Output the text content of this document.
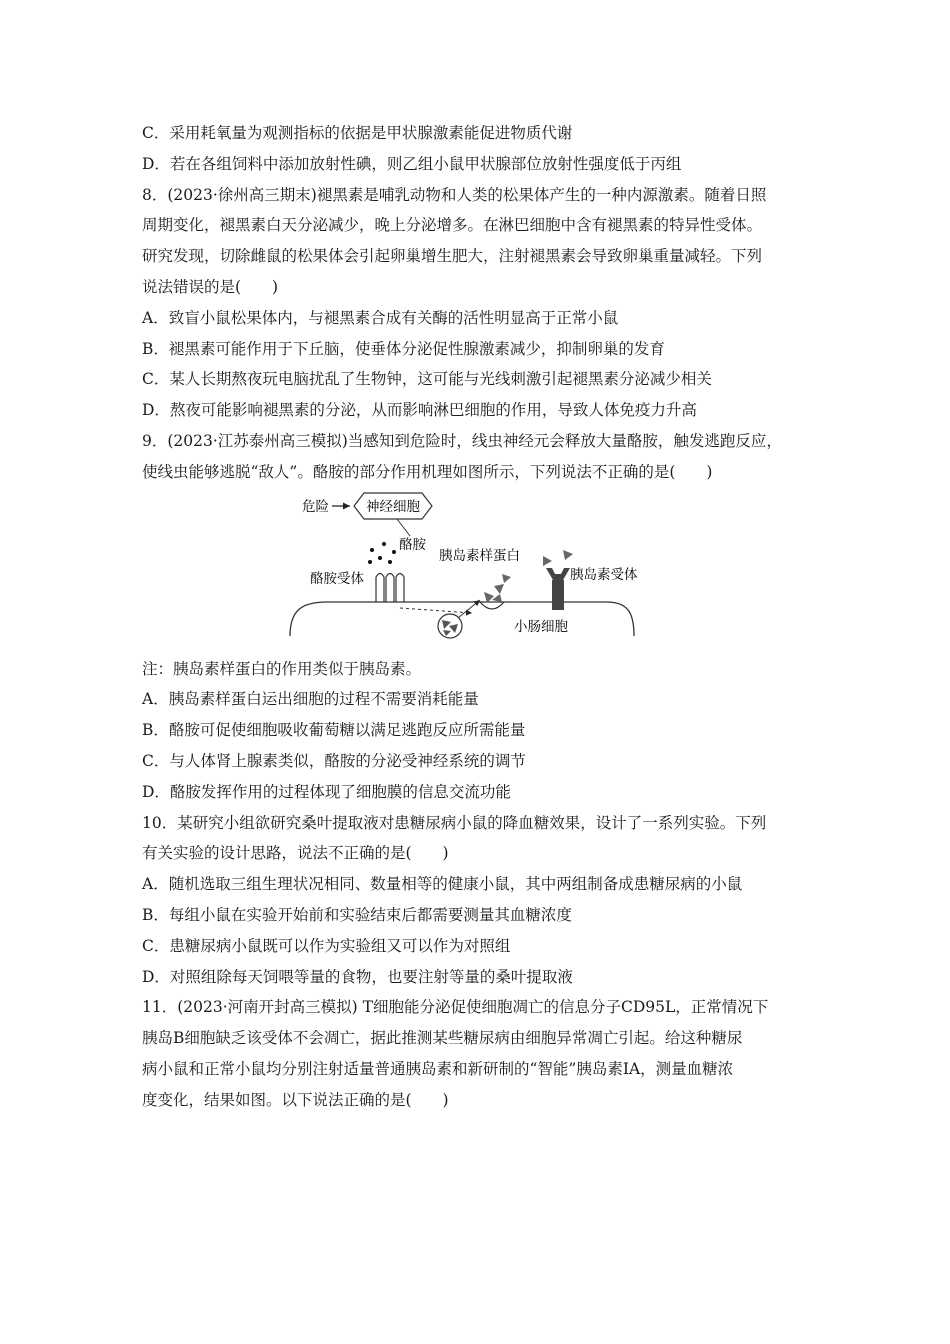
C．采用耗氧量为观测指标的依据是甲状腺激素能促进物质代谢

D．若在各组饲料中添加放射性碘，则乙组小鼠甲状腺部位放射性强度低于丙组

8．(2023·徐州高三期末)褪黑素是哺乳动物和人类的松果体产生的一种内源激素。随着日照

周期变化，褪黑素白天分泌减少，晚上分泌增多。在淋巴细胞中含有褪黑素的特异性受体。

研究发现，切除雌鼠的松果体会引起卵巢增生肥大，注射褪黑素会导致卵巢重量减轻。下列

说法错误的是(　　)

A．致盲小鼠松果体内，与褪黑素合成有关酶的活性明显高于正常小鼠

B．褪黑素可能作用于下丘脑，使垂体分泌促性腺激素减少，抑制卵巢的发育

C．某人长期熬夜玩电脑扰乱了生物钟，这可能与光线刺激引起褪黑素分泌减少相关

D．熬夜可能影响褪黑素的分泌，从而影响淋巴细胞的作用，导致人体免疫力升高

9．(2023·江苏泰州高三模拟)当感知到危险时，线虫神经元会释放大量酪胺，触发逃跑反应，

使线虫能够逃脱“敌人”。酪胺的部分作用机理如图所示，下列说法不正确的是(　　)

危险	神经细胞
酪胺
酪胺受体
胰岛素样蛋白
胰岛素受体
小肠细胞

注：胰岛素样蛋白的作用类似于胰岛素。

A．胰岛素样蛋白运出细胞的过程不需要消耗能量

B．酪胺可促使细胞吸收葡萄糖以满足逃跑反应所需能量

C．与人体肾上腺素类似，酪胺的分泌受神经系统的调节

D．酪胺发挥作用的过程体现了细胞膜的信息交流功能

10．某研究小组欲研究桑叶提取液对患糖尿病小鼠的降血糖效果，设计了一系列实验。下列

有关实验的设计思路，说法不正确的是(　　)

A．随机选取三组生理状况相同、数量相等的健康小鼠，其中两组制备成患糖尿病的小鼠

B．每组小鼠在实验开始前和实验结束后都需要测量其血糖浓度

C．患糖尿病小鼠既可以作为实验组又可以作为对照组

D．对照组除每天饲喂等量的食物，也要注射等量的桑叶提取液

11．(2023·河南开封高三模拟) T细胞能分泌促使细胞凋亡的信息分子CD95L，正常情况下

胰岛B细胞缺乏该受体不会凋亡，据此推测某些糖尿病由细胞异常凋亡引起。给这种糖尿

病小鼠和正常小鼠均分别注射适量普通胰岛素和新研制的“智能”胰岛素IA，测量血糖浓

度变化，结果如图。以下说法正确的是(　　)
